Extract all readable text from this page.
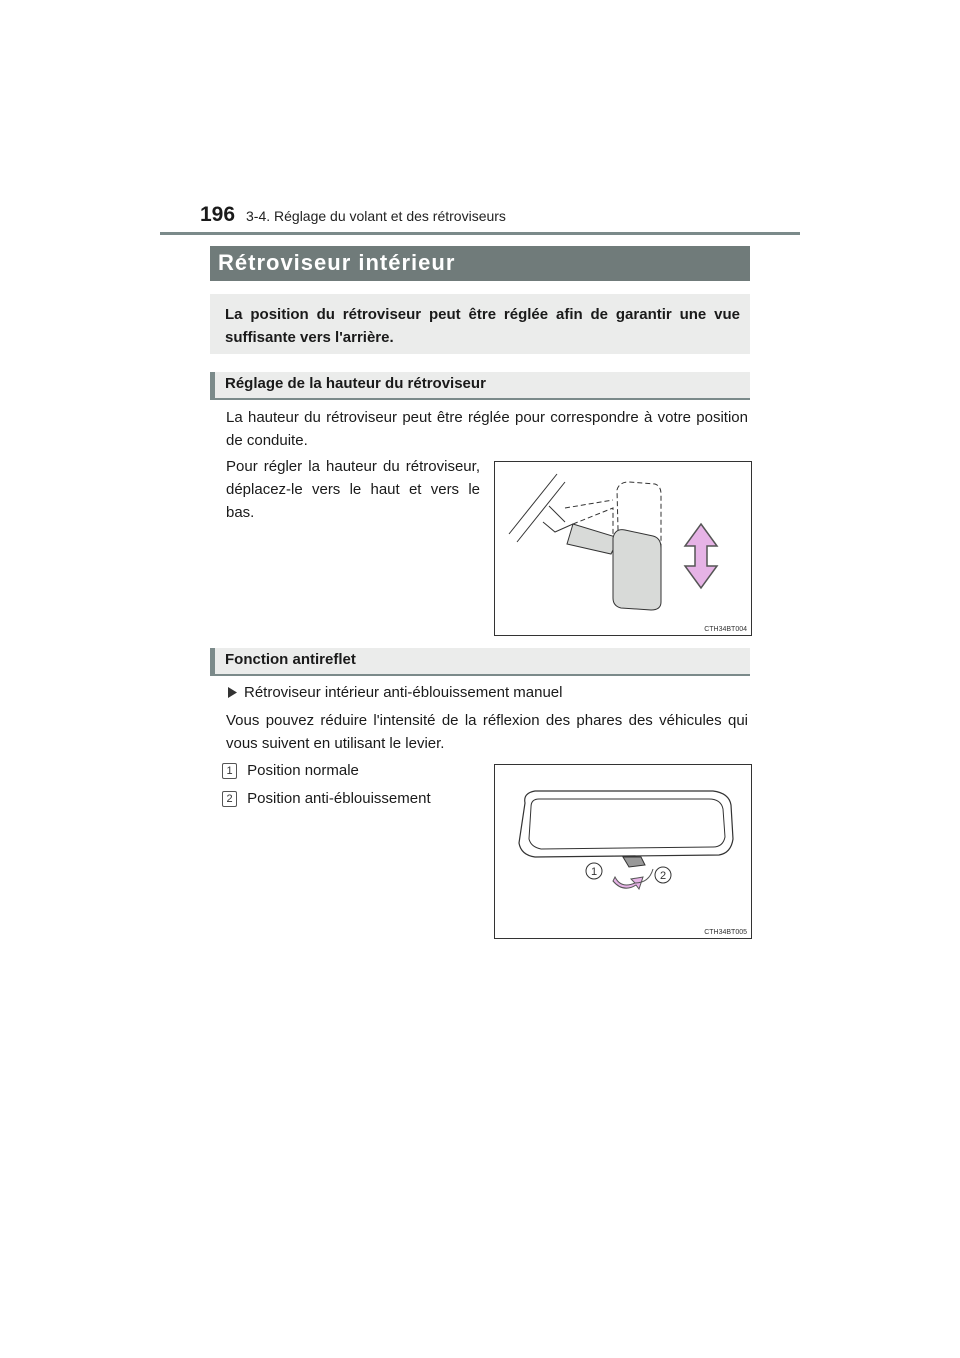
196 3-4. Réglage du volant et des rétroviseurs
Rétroviseur intérieur

La position du rétroviseur peut être réglée afin de garantir une vue suffisante vers l'arrière.

Réglage de la hauteur du rétroviseur

La hauteur du rétroviseur peut être réglée pour correspondre à votre position de conduite.

Pour régler la hauteur du rétroviseur, déplacez-le vers le haut et vers le bas.

CTH34BT004
Fonction antireflet
Rétroviseur intérieur anti-éblouissement manuel

Vous pouvez réduire l'intensité de la réflexion des phares des véhicules qui vous suivent en utilisant le levier.

1 Position normale
2 Position anti-éblouissement
1	2
CTH34BT005
